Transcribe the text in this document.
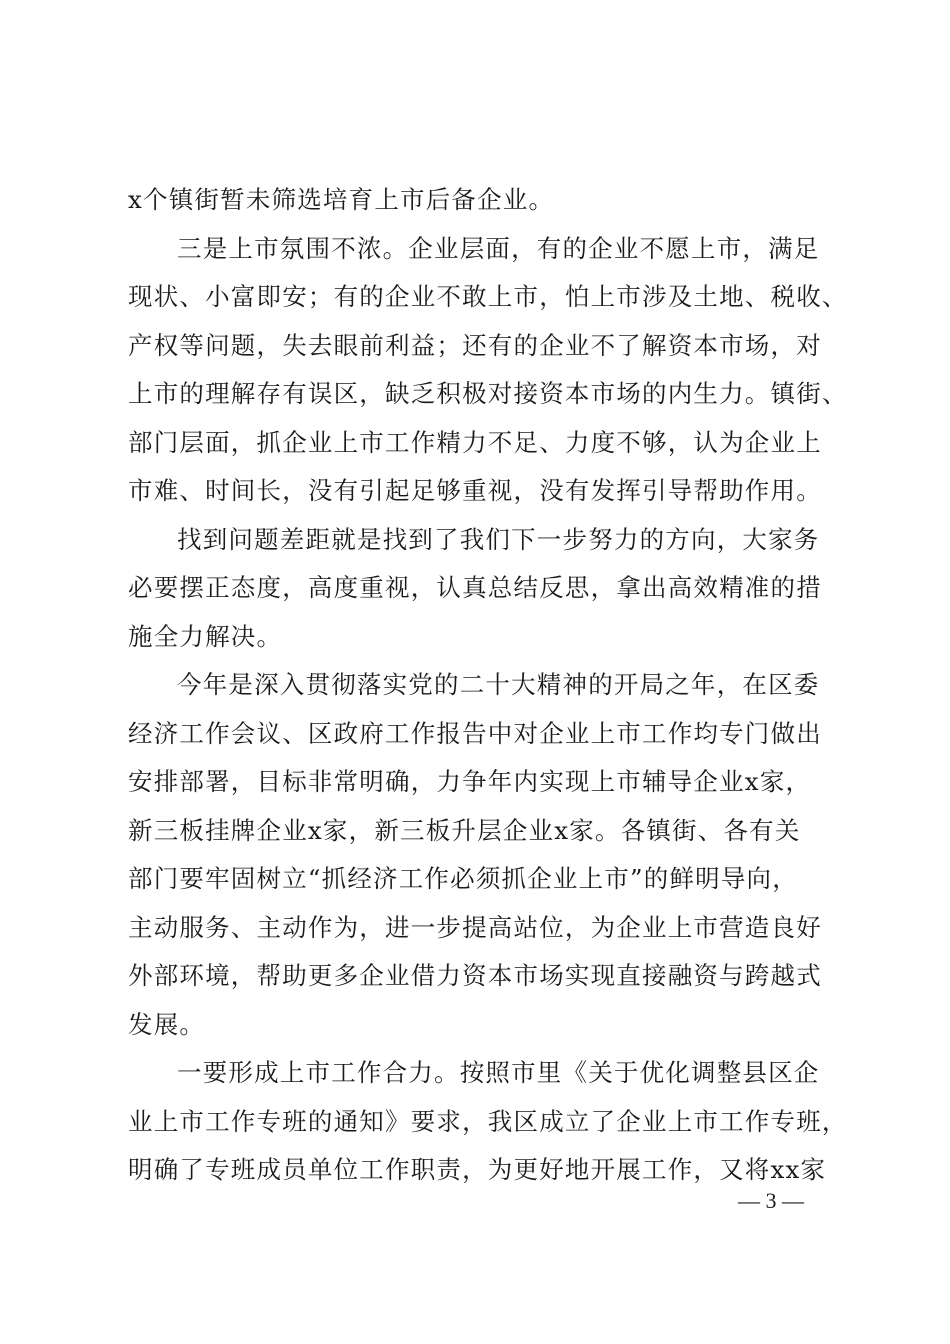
x个镇街暂未筛选培育上市后备企业。
三是上市氛围不浓。企业层面，有的企业不愿上市，满足
现状、小富即安；有的企业不敢上市，怕上市涉及土地、税收、
产权等问题，失去眼前利益；还有的企业不了解资本市场，对
上市的理解存有误区，缺乏积极对接资本市场的内生力。镇街、
部门层面，抓企业上市工作精力不足、力度不够，认为企业上
市难、时间长，没有引起足够重视，没有发挥引导帮助作用。
找到问题差距就是找到了我们下一步努力的方向，大家务
必要摆正态度，高度重视，认真总结反思，拿出高效精准的措
施全力解决。
今年是深入贯彻落实党的二十大精神的开局之年，在区委
经济工作会议、区政府工作报告中对企业上市工作均专门做出
安排部署，目标非常明确，力争年内实现上市辅导企业x家，
新三板挂牌企业x家，新三板升层企业x家。各镇街、各有关
部门要牢固树立“抓经济工作必须抓企业上市”的鲜明导向，
主动服务、主动作为，进一步提高站位，为企业上市营造良好
外部环境，帮助更多企业借力资本市场实现直接融资与跨越式
发展。
一要形成上市工作合力。按照市里《关于优化调整县区企
业上市工作专班的通知》要求，我区成立了企业上市工作专班，
明确了专班成员单位工作职责，为更好地开展工作，又将xx家
— 3 —
